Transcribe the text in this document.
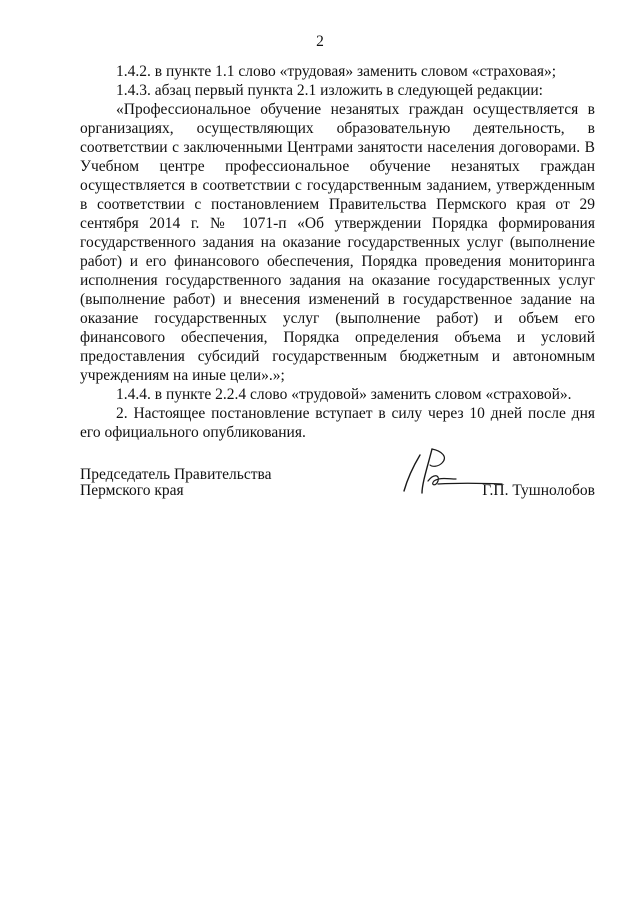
2

1.4.2. в пункте 1.1 слово «трудовая» заменить словом «страховая»;

1.4.3. абзац первый пункта 2.1 изложить в следующей редакции:

«Профессиональное обучение незанятых граждан осуществляется в организациях, осуществляющих образовательную деятельность, в соответствии с заключенными Центрами занятости населения договорами. В Учебном центре профессиональное обучение незанятых граждан осуществляется в соответствии с государственным заданием, утвержденным в соответствии с постановлением Правительства Пермского края от 29 сентября 2014 г. № 1071-п «Об утверждении Порядка формирования государственного задания на оказание государственных услуг (выполнение работ) и его финансового обеспечения, Порядка проведения мониторинга исполнения государственного задания на оказание государственных услуг (выполнение работ) и внесения изменений в государственное задание на оказание государственных услуг (выполнение работ) и объем его финансового обеспечения, Порядка определения объема и условий предоставления субсидий государственным бюджетным и автономным учреждениям на иные цели».»;

1.4.4. в пункте 2.2.4 слово «трудовой» заменить словом «страховой».

2. Настоящее постановление вступает в силу через 10 дней после дня его официального опубликования.

Председатель Правительства
Пермского края	Г.П. Тушнолобов
